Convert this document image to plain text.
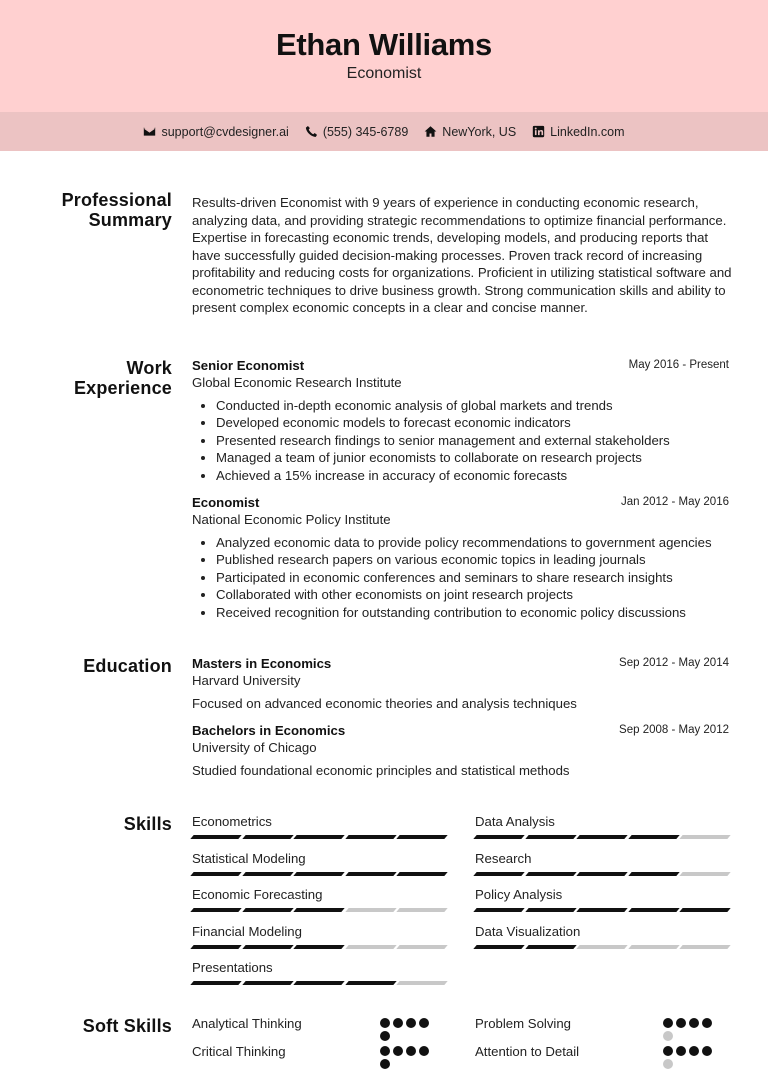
Ethan Williams
Economist
support@cvdesigner.ai	(555) 345-6789	NewYork, US	LinkedIn.com
Professional Summary
Results-driven Economist with 9 years of experience in conducting economic research, analyzing data, and providing strategic recommendations to optimize financial performance. Expertise in forecasting economic trends, developing models, and producing reports that have successfully guided decision-making processes. Proven track record of increasing profitability and reducing costs for organizations. Proficient in utilizing statistical software and econometric techniques to drive business growth. Strong communication skills and ability to present complex economic concepts in a clear and concise manner.
Work Experience
Senior Economist	May 2016 - Present
Global Economic Research Institute
• Conducted in-depth economic analysis of global markets and trends
• Developed economic models to forecast economic indicators
• Presented research findings to senior management and external stakeholders
• Managed a team of junior economists to collaborate on research projects
• Achieved a 15% increase in accuracy of economic forecasts
Economist	Jan 2012 - May 2016
National Economic Policy Institute
• Analyzed economic data to provide policy recommendations to government agencies
• Published research papers on various economic topics in leading journals
• Participated in economic conferences and seminars to share research insights
• Collaborated with other economists on joint research projects
• Received recognition for outstanding contribution to economic policy discussions
Education Masters in Economics	Sep 2012 - May 2014
Harvard University
Focused on advanced economic theories and analysis techniques
Bachelors in Economics	Sep 2008 - May 2012
University of Chicago
Studied foundational economic principles and statistical methods
Skills Econometrics	Data Analysis
Statistical Modeling	Research
Economic Forecasting	Policy Analysis
Financial Modeling	Data Visualization
Presentations
Soft Skills Analytical Thinking	Problem Solving
Critical Thinking	Attention to Detail
